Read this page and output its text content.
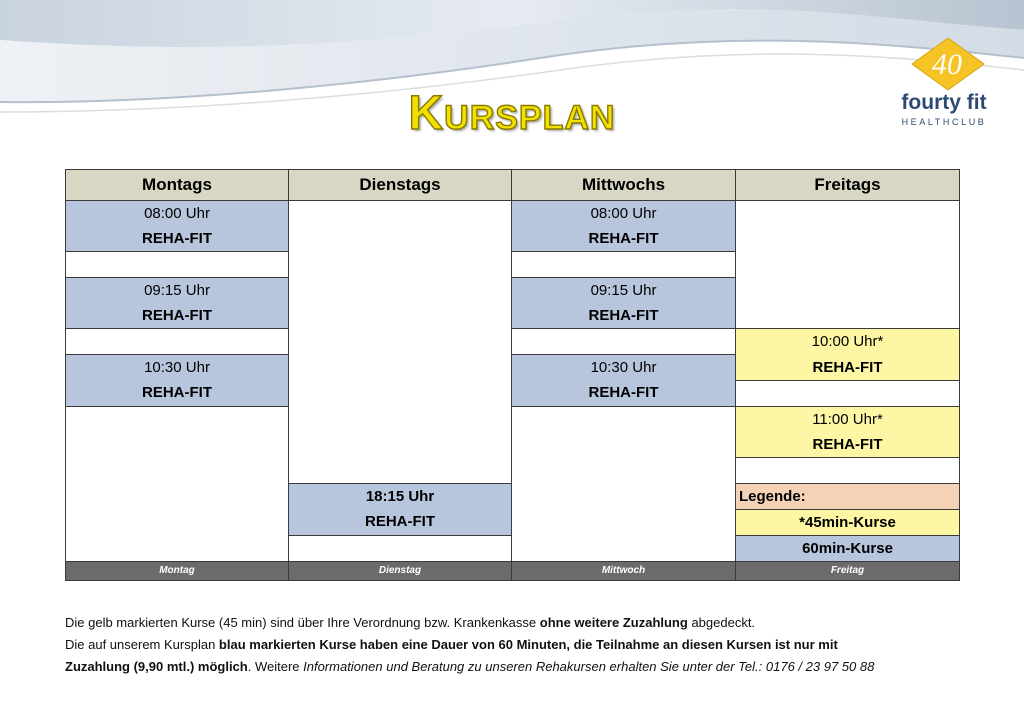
Kursplan
40
fourty fit
HEALTHCLUB
Montags	Dienstags	Mittwochs	Freitags
08:00 Uhr		08:00 Uhr	
REHA-FIT		REHA-FIT	

09:15 Uhr		09:15 Uhr	
REHA-FIT		REHA-FIT	
			10:00 Uhr*
10:30 Uhr		10:30 Uhr	REHA-FIT
REHA-FIT		REHA-FIT	
			11:00 Uhr*
			REHA-FIT

	18:15 Uhr		Legende:
	REHA-FIT		*45min-Kurse
			60min-Kurse
Montag	Dienstag	Mittwoch	Freitag

Die gelb markierten Kurse (45 min) sind über Ihre Verordnung bzw. Krankenkasse ohne weitere Zuzahlung abgedeckt.

Die auf unserem Kursplan blau markierten Kurse haben eine Dauer von 60 Minuten, die Teilnahme an diesen Kursen ist nur mit

Zuzahlung (9,90 mtl.) möglich. Weitere Informationen und Beratung zu unseren Rehakursen erhalten Sie unter der Tel.: 0176 / 23 97 50 88
